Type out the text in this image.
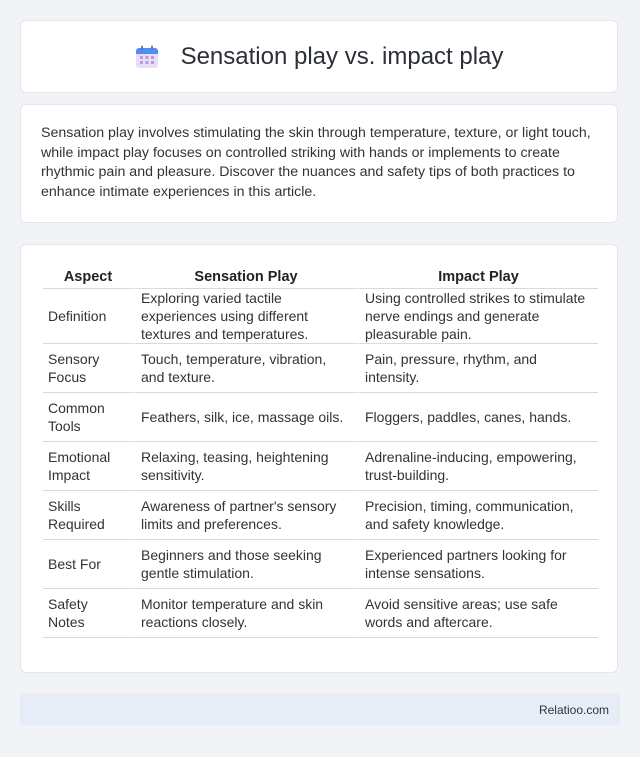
Sensation play vs. impact play

Sensation play involves stimulating the skin through temperature, texture, or light touch, while impact play focuses on controlled striking with hands or implements to create rhythmic pain and pleasure. Discover the nuances and safety tips of both practices to enhance intimate experiences in this article.

Aspect	Sensation Play	Impact Play
Definition	Exploring varied tactile experiences using different textures and temperatures.	Using controlled strikes to stimulate nerve endings and generate pleasurable pain.
Sensory Focus	Touch, temperature, vibration, and texture.	Pain, pressure, rhythm, and intensity.
Common Tools	Feathers, silk, ice, massage oils.	Floggers, paddles, canes, hands.
Emotional Impact	Relaxing, teasing, heightening sensitivity.	Adrenaline-inducing, empowering, trust-building.
Skills Required	Awareness of partner's sensory limits and preferences.	Precision, timing, communication, and safety knowledge.
Best For	Beginners and those seeking gentle stimulation.	Experienced partners looking for intense sensations.
Safety Notes	Monitor temperature and skin reactions closely.	Avoid sensitive areas; use safe words and aftercare.
Relatioo.com
